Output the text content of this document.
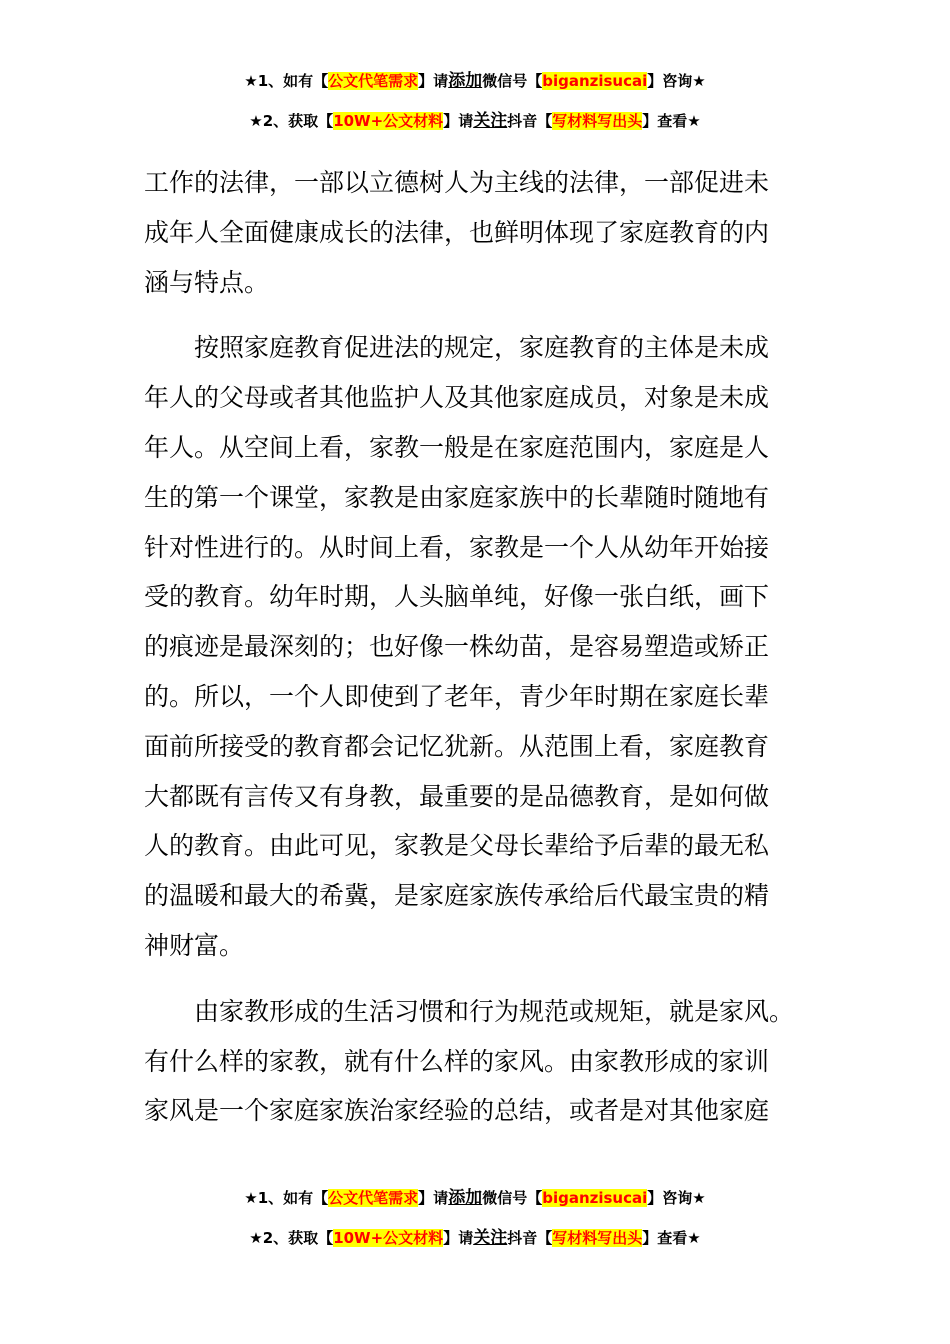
★1、如有【公文代笔需求】请添加微信号【biganzisucai】咨询★
★2、获取【10W+公文材料】请关注抖音【写材料写出头】查看★

工作的法律，一部以立德树人为主线的法律，一部促进未

成年人全面健康成长的法律，也鲜明体现了家庭教育的内

涵与特点。

按照家庭教育促进法的规定，家庭教育的主体是未成

年人的父母或者其他监护人及其他家庭成员，对象是未成

年人。从空间上看，家教一般是在家庭范围内，家庭是人

生的第一个课堂，家教是由家庭家族中的长辈随时随地有

针对性进行的。从时间上看，家教是一个人从幼年开始接

受的教育。幼年时期，人头脑单纯，好像一张白纸，画下

的痕迹是最深刻的；也好像一株幼苗，是容易塑造或矫正

的。所以，一个人即使到了老年，青少年时期在家庭长辈

面前所接受的教育都会记忆犹新。从范围上看，家庭教育

大都既有言传又有身教，最重要的是品德教育，是如何做

人的教育。由此可见，家教是父母长辈给予后辈的最无私

的温暖和最大的希冀，是家庭家族传承给后代最宝贵的精

神财富。

由家教形成的生活习惯和行为规范或规矩，就是家风。

有什么样的家教，就有什么样的家风。由家教形成的家训

家风是一个家庭家族治家经验的总结，或者是对其他家庭

★1、如有【公文代笔需求】请添加微信号【biganzisucai】咨询★
★2、获取【10W+公文材料】请关注抖音【写材料写出头】查看★
